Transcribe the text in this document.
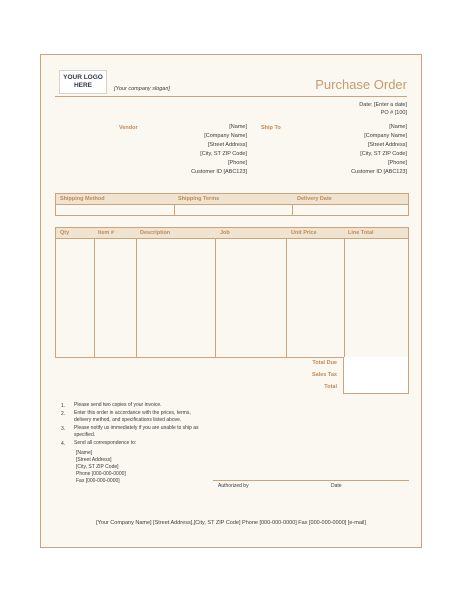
YOUR LOGO
HERE	[Your company slogan]	Purchase Order
Date: [Enter a date]
PO # [100]
Vendor	[Name]
[Company Name]
[Street Address]
[City, ST ZIP Code]
[Phone]
Customer ID [ABC123]
Ship To	[Name]
[Company Name]
[Street Address]
[City, ST ZIP Code]
[Phone]
Customer ID [ABC123]
Shipping Method	Shipping Terms	Delivery Date
Qty	Item #	Description	Job	Unit Price	Line Total
Total Due
Sales Tax
Total
1. Please send two copies of your invoice.
2. Enter this order in accordance with the prices, terms,
delivery method, and specifications listed above.
3. Please notify us immediately if you are unable to ship as
specified.
4. Send all correspondence to:
[Name]
[Street Address]
[City, ST ZIP Code]
Phone [000-000-0000]
Fax [000-000-0000]
Authorized by	Date
[Your Company Name] [Street Address],[City, ST ZIP Code] Phone [000-000-0000] Fax [000-000-0000] [e-mail]
